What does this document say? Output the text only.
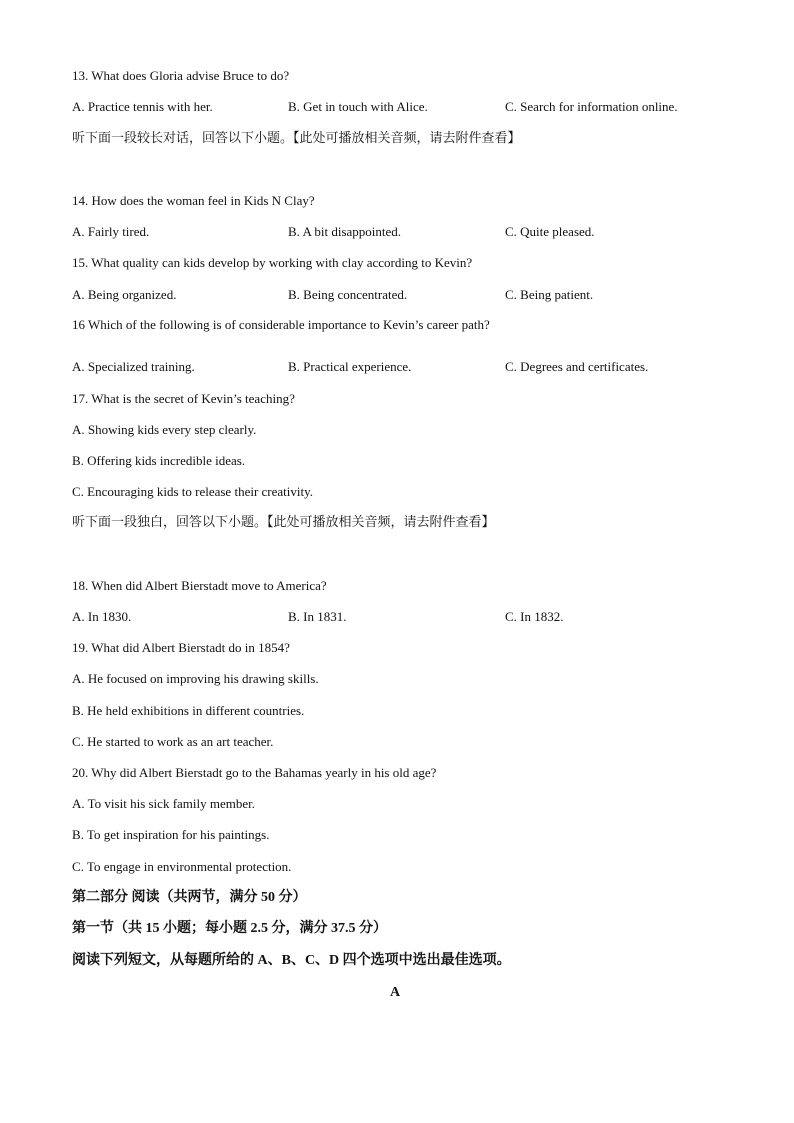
13. What does Gloria advise Bruce to do?
A. Practice tennis with her.	B. Get in touch with Alice.	C. Search for information online.
听下面一段较长对话，回答以下小题。【此处可播放相关音频，请去附件查看】
14. How does the woman feel in Kids N Clay?
A. Fairly tired.	B. A bit disappointed.	C. Quite pleased.
15. What quality can kids develop by working with clay according to Kevin?
A. Being organized.	B. Being concentrated.	C. Being patient.
16 Which of the following is of considerable importance to Kevin’s career path?
A. Specialized training.	B. Practical experience.	C. Degrees and certificates.
17. What is the secret of Kevin’s teaching?
A. Showing kids every step clearly.
B. Offering kids incredible ideas.
C. Encouraging kids to release their creativity.
听下面一段独白，回答以下小题。【此处可播放相关音频，请去附件查看】
18. When did Albert Bierstadt move to America?
A. In 1830.	B. In 1831.	C. In 1832.
19. What did Albert Bierstadt do in 1854?
A. He focused on improving his drawing skills.
B. He held exhibitions in different countries.
C. He started to work as an art teacher.
20. Why did Albert Bierstadt go to the Bahamas yearly in his old age?
A. To visit his sick family member.
B. To get inspiration for his paintings.
C. To engage in environmental protection.
第二部分 阅读（共两节，满分 50 分）
第一节（共 15 小题；每小题 2.5 分，满分 37.5 分）
阅读下列短文，从每题所给的 A、B、C、D 四个选项中选出最佳选项。
A
